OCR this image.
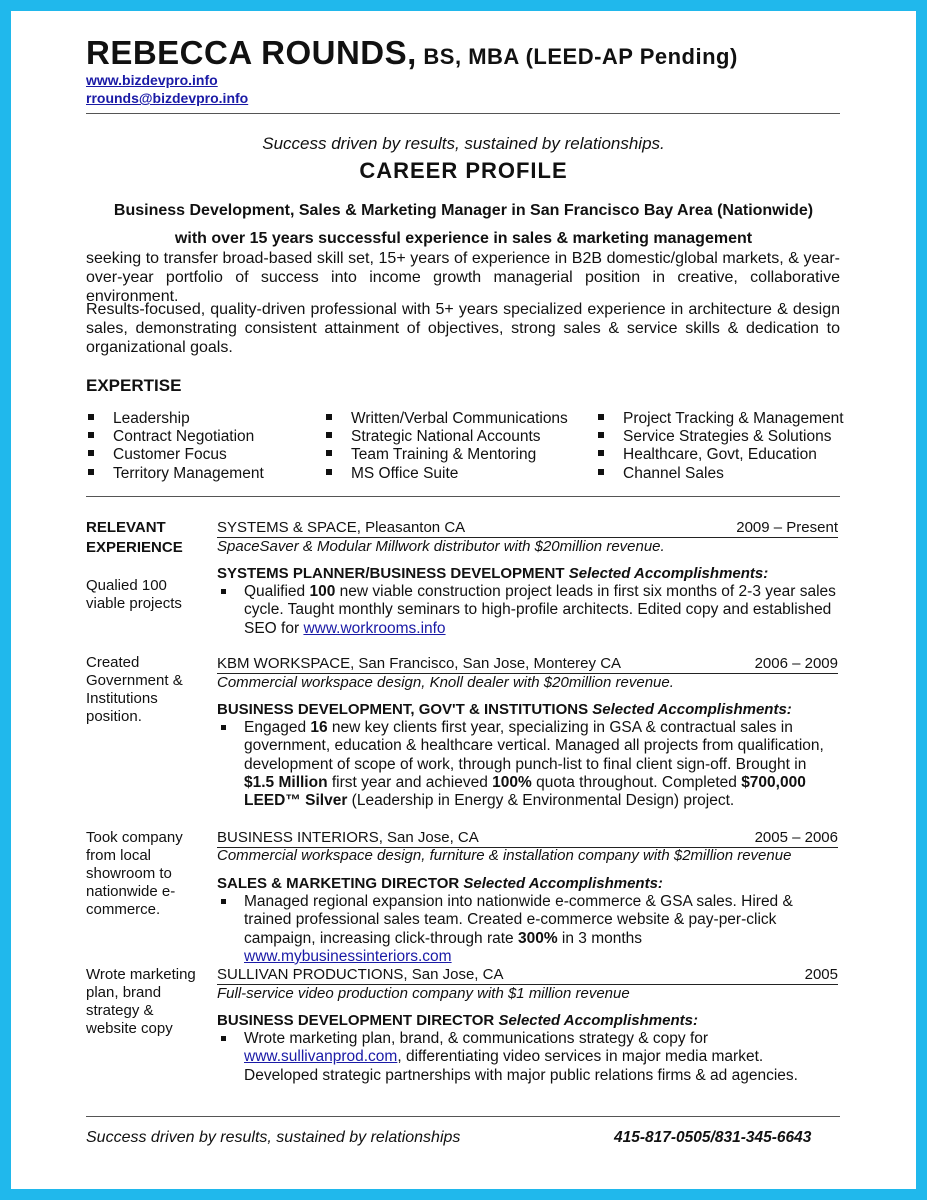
REBECCA ROUNDS, BS, MBA (LEED-AP Pending)
www.bizdevpro.info
rrounds@bizdevpro.info
Success driven by results, sustained by relationships.
CAREER PROFILE
Business Development, Sales & Marketing Manager in San Francisco Bay Area (Nationwide)
with over 15 years successful experience in sales & marketing management
seeking to transfer broad-based skill set, 15+ years of experience in B2B domestic/global markets, & year-over-year portfolio of success into income growth managerial position in creative, collaborative environment.
Results-focused, quality-driven professional with 5+ years specialized experience in architecture & design sales, demonstrating consistent attainment of objectives, strong sales & service skills & dedication to organizational goals.
EXPERTISE
Leadership
Contract Negotiation
Customer Focus
Territory Management
Written/Verbal Communications
Strategic National Accounts
Team Training & Mentoring
MS Office Suite
Project Tracking & Management
Service Strategies & Solutions
Healthcare, Govt, Education
Channel Sales
RELEVANT
EXPERIENCE
Qualied 100
viable projects
SYSTEMS & SPACE, Pleasanton CA	2009 – Present
SpaceSaver & Modular Millwork distributor with $20million revenue.
SYSTEMS PLANNER/BUSINESS DEVELOPMENT Selected Accomplishments:
Qualified 100 new viable construction project leads in first six months of 2-3 year sales cycle. Taught monthly seminars to high-profile architects. Edited copy and established SEO for www.workrooms.info
Created
Government &
Institutions
position.
KBM WORKSPACE, San Francisco, San Jose, Monterey CA	2006 – 2009
Commercial workspace design, Knoll dealer with $20million revenue.
BUSINESS DEVELOPMENT, GOV'T & INSTITUTIONS Selected Accomplishments:
Engaged 16 new key clients first year, specializing in GSA & contractual sales in government, education & healthcare vertical. Managed all projects from qualification, development of scope of work, through punch-list to final client sign-off. Brought in $1.5 Million first year and achieved 100% quota throughout. Completed $700,000 LEED™ Silver (Leadership in Energy & Environmental Design) project.
Took company
from local
showroom to
nationwide e-
commerce.
BUSINESS INTERIORS, San Jose, CA	2005 – 2006
Commercial workspace design, furniture & installation company with $2million revenue
SALES & MARKETING DIRECTOR Selected Accomplishments:
Managed regional expansion into nationwide e-commerce & GSA sales. Hired & trained professional sales team. Created e-commerce website & pay-per-click campaign, increasing click-through rate 300% in 3 months www.mybusinessinteriors.com
Wrote marketing
plan, brand
strategy &
website copy
SULLIVAN PRODUCTIONS, San Jose, CA	2005
Full-service video production company with $1 million revenue
BUSINESS DEVELOPMENT DIRECTOR Selected Accomplishments:
Wrote marketing plan, brand, & communications strategy & copy for www.sullivanprod.com, differentiating video services in major media market. Developed strategic partnerships with major public relations firms & ad agencies.
Success driven by results, sustained by relationships	415-817-0505/831-345-6643
